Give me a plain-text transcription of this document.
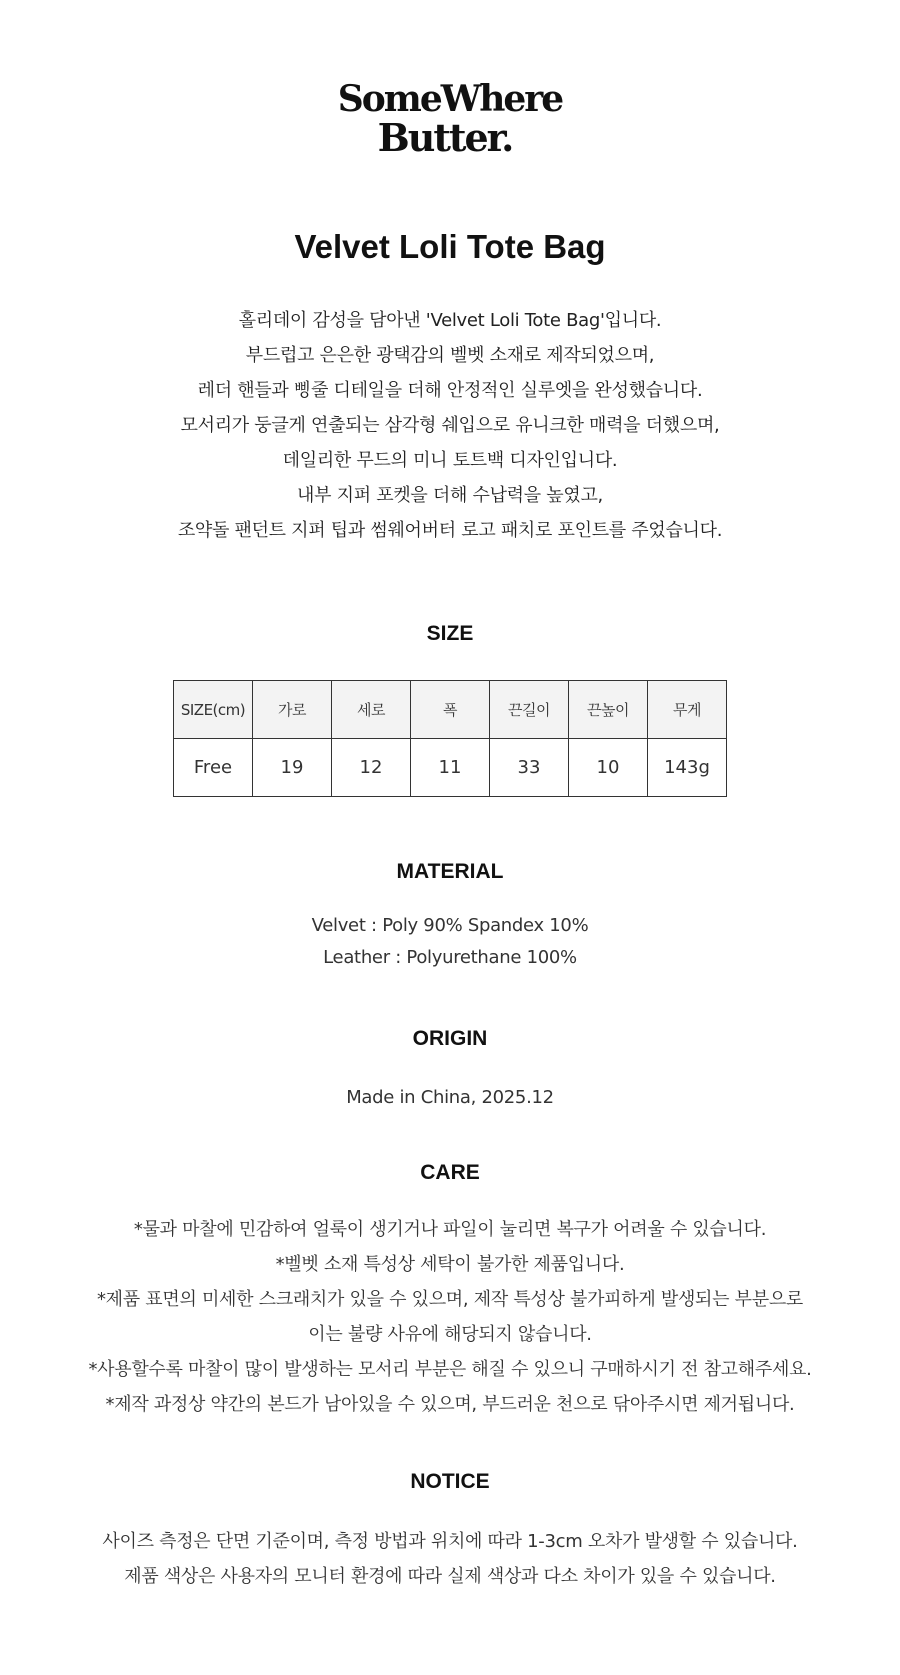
SomeWhere
Butter.
Velvet Loli Tote Bag
홀리데이 감성을 담아낸 'Velvet Loli Tote Bag'입니다.
부드럽고 은은한 광택감의 벨벳 소재로 제작되었으며,
레더 핸들과 삥줄 디테일을 더해 안정적인 실루엣을 완성했습니다.
모서리가 둥글게 연출되는 삼각형 쉐입으로 유니크한 매력을 더했으며,
데일리한 무드의 미니 토트백 디자인입니다.
내부 지퍼 포켓을 더해 수납력을 높였고,
조약돌 팬던트 지퍼 팁과 썸웨어버터 로고 패치로 포인트를 주었습니다.
SIZE
SIZE(cm)	가로	세로	폭	끈길이	끈높이	무게
Free	19	12	11	33	10	143g
MATERIAL
Velvet : Poly 90% Spandex 10%
Leather : Polyurethane 100%
ORIGIN
Made in China, 2025.12
CARE
*물과 마찰에 민감하여 얼룩이 생기거나 파일이 눌리면 복구가 어려울 수 있습니다.
*벨벳 소재 특성상 세탁이 불가한 제품입니다.
*제품 표면의 미세한 스크래치가 있을 수 있으며, 제작 특성상 불가피하게 발생되는 부분으로
이는 불량 사유에 해당되지 않습니다.
*사용할수록 마찰이 많이 발생하는 모서리 부분은 해질 수 있으니 구매하시기 전 참고해주세요.
*제작 과정상 약간의 본드가 남아있을 수 있으며, 부드러운 천으로 닦아주시면 제거됩니다.
NOTICE
사이즈 측정은 단면 기준이며, 측정 방법과 위치에 따라 1-3cm 오차가 발생할 수 있습니다.
제품 색상은 사용자의 모니터 환경에 따라 실제 색상과 다소 차이가 있을 수 있습니다.
